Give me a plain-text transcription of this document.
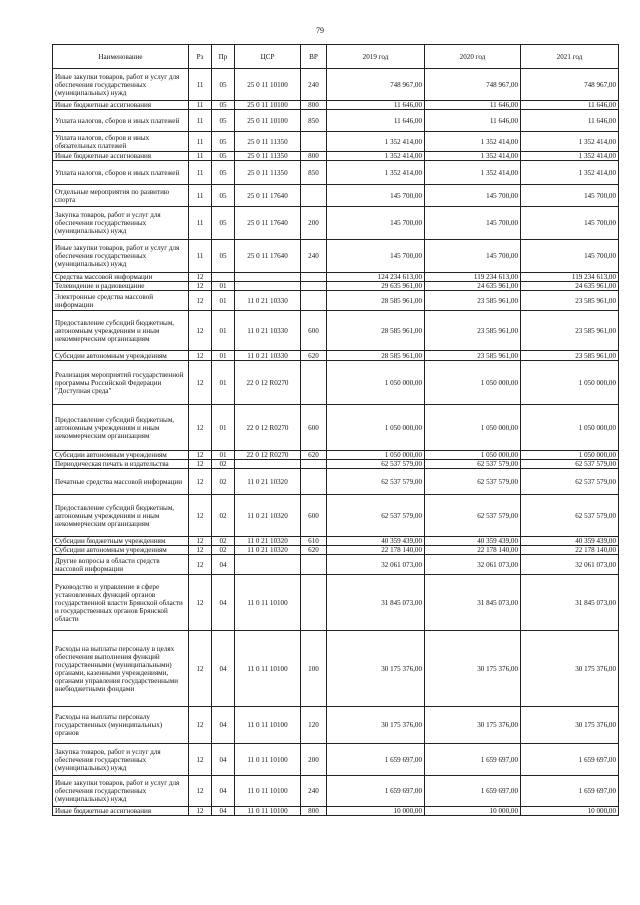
79
Наименование	Рз	Пр	ЦСР	ВР	2019 год	2020 год	2021 год
Иные закупки товаров, работ и услуг для обеспечения государственных (муниципальных) нужд	11	05	25 0 11 10100	240	748 967,00	748 967,00	748 967,00
Иные бюджетные ассигнования	11	05	25 0 11 10100	800	11 646,00	11 646,00	11 646,00
Уплата налогов, сборов и иных платежей	11	05	25 0 11 10100	850	11 646,00	11 646,00	11 646,00
Уплата налогов, сборов и иных обязательных платежей	11	05	25 0 11 11350		1 352 414,00	1 352 414,00	1 352 414,00
Иные бюджетные ассигнования	11	05	25 0 11 11350	800	1 352 414,00	1 352 414,00	1 352 414,00
Уплата налогов, сборов и иных платежей	11	05	25 0 11 11350	850	1 352 414,00	1 352 414,00	1 352 414,00
Отдельные мероприятия по развитию спорта	11	05	25 0 11 17640		145 700,00	145 700,00	145 700,00
Закупка товаров, работ и услуг для обеспечения государственных (муниципальных) нужд	11	05	25 0 11 17640	200	145 700,00	145 700,00	145 700,00
Иные закупки товаров, работ и услуг для обеспечения государственных (муниципальных) нужд	11	05	25 0 11 17640	240	145 700,00	145 700,00	145 700,00
Средства массовой информации	12				124 234 613,00	119 234 613,00	119 234 613,00
Телевидение и радиовещание	12	01			29 635 961,00	24 635 961,00	24 635 961,00
Электронные средства массовой информации	12	01	11 0 21 10330		28 585 961,00	23 585 961,00	23 585 961,00
Предоставление субсидий бюджетным, автономным учреждениям и иным некоммерческим организациям	12	01	11 0 21 10330	600	28 585 961,00	23 585 961,00	23 585 961,00
Субсидии автономным учреждениям	12	01	11 0 21 10330	620	28 585 961,00	23 585 961,00	23 585 961,00
Реализация мероприятий государственной программы Российской Федерации "Доступная среда"	12	01	22 0 12 R0270		1 050 000,00	1 050 000,00	1 050 000,00
Предоставление субсидий бюджетным, автономным учреждениям и иным некоммерческим организациям	12	01	22 0 12 R0270	600	1 050 000,00	1 050 000,00	1 050 000,00
Субсидии автономным учреждениям	12	01	22 0 12 R0270	620	1 050 000,00	1 050 000,00	1 050 000,00
Периодическая печать и издательства	12	02			62 537 579,00	62 537 579,00	62 537 579,00
Печатные средства массовой информации	12	02	11 0 21 10320		62 537 579,00	62 537 579,00	62 537 579,00
Предоставление субсидий бюджетным, автономным учреждениям и иным некоммерческим организациям	12	02	11 0 21 10320	600	62 537 579,00	62 537 579,00	62 537 579,00
Субсидии бюджетным учреждениям	12	02	11 0 21 10320	610	40 359 439,00	40 359 439,00	40 359 439,00
Субсидии автономным учреждениям	12	02	11 0 21 10320	620	22 178 140,00	22 178 140,00	22 178 140,00
Другие вопросы в области средств массовой информации	12	04			32 061 073,00	32 061 073,00	32 061 073,00
Руководство и управление в сфере установленных функций органов государственной власти Брянской области и государственных органов Брянской области	12	04	11 0 11 10100		31 845 073,00	31 845 073,00	31 845 073,00
Расходы на выплаты персоналу в целях обеспечения выполнения функций государственными (муниципальными) органами, казенными учреждениями, органами управления государственными внебюджетными фондами	12	04	11 0 11 10100	100	30 175 376,00	30 175 376,00	30 175 376,00
Расходы на выплаты персоналу государственных (муниципальных) органов	12	04	11 0 11 10100	120	30 175 376,00	30 175 376,00	30 175 376,00
Закупка товаров, работ и услуг для обеспечения государственных (муниципальных) нужд	12	04	11 0 11 10100	200	1 659 697,00	1 659 697,00	1 659 697,00
Иные закупки товаров, работ и услуг для обеспечения государственных (муниципальных) нужд	12	04	11 0 11 10100	240	1 659 697,00	1 659 697,00	1 659 697,00
Иные бюджетные ассигнования	12	04	11 0 11 10100	800	10 000,00	10 000,00	10 000,00
